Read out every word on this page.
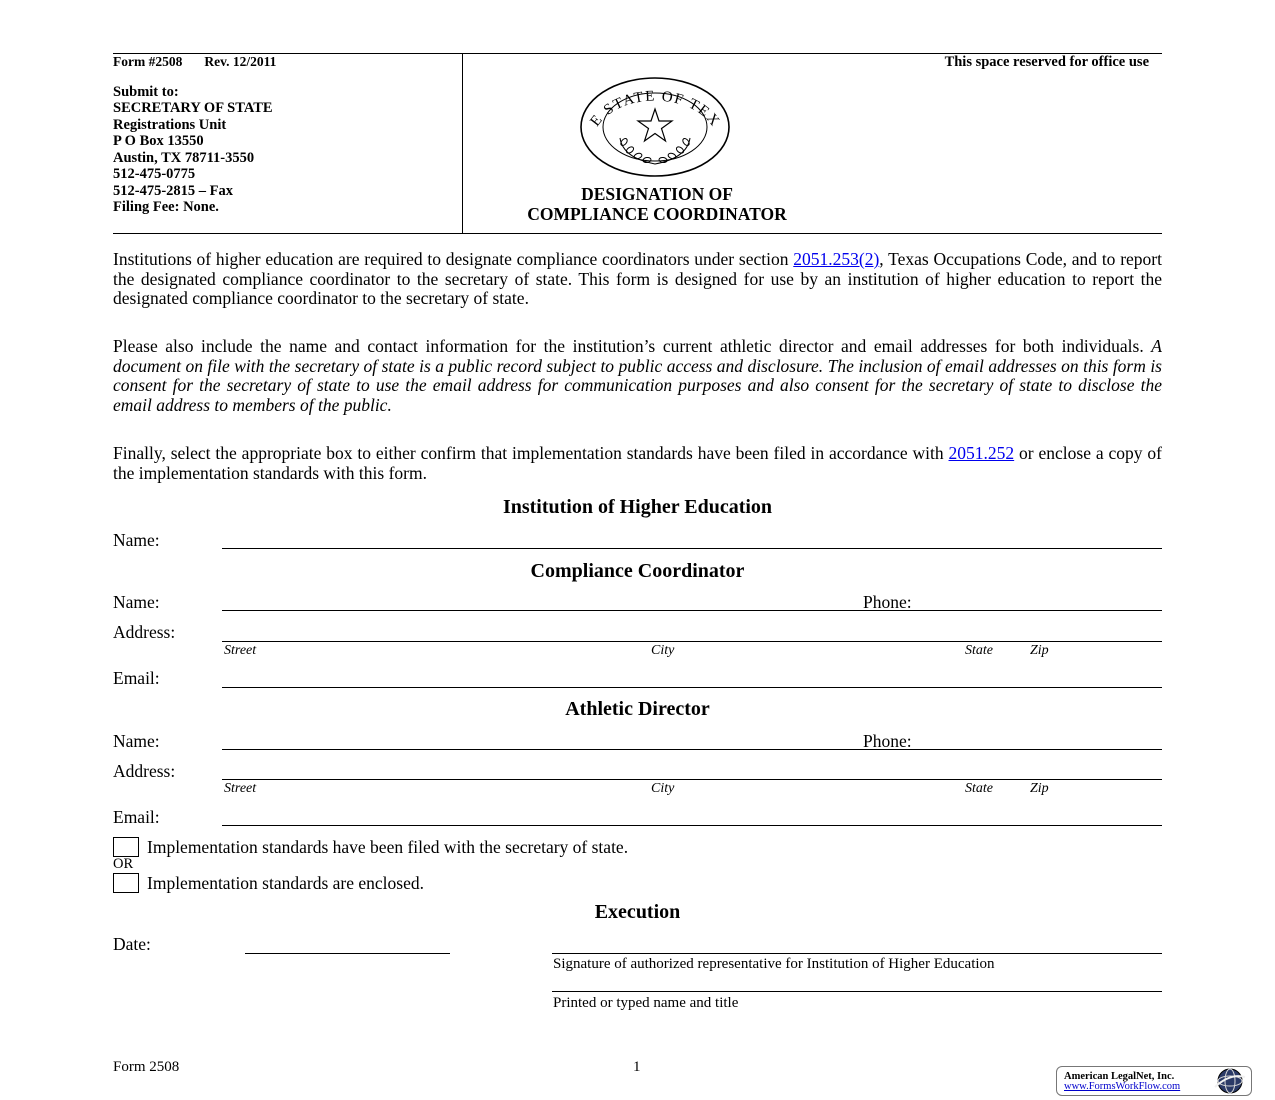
Form #2508 Rev. 12/2011
Submit to:
SECRETARY OF STATE
Registrations Unit
P O Box 13550
Austin, TX 78711-3550
512-475-0775
512-475-2815 – Fax
Filing Fee: None.
This space reserved for office use
E STATE OF TEX
DESIGNATION OF
COMPLIANCE COORDINATOR
Institutions of higher education are required to designate compliance coordinators under section 2051.253(2), Texas Occupations Code, and to report the designated compliance coordinator to the secretary of state. This form is designed for use by an institution of higher education to report the designated compliance coordinator to the secretary of state.
Please also include the name and contact information for the institution’s current athletic director and email addresses for both individuals. A document on file with the secretary of state is a public record subject to public access and disclosure. The inclusion of email addresses on this form is consent for the secretary of state to use the email address for communication purposes and also consent for the secretary of state to disclose the email address to members of the public.
Finally, select the appropriate box to either confirm that implementation standards have been filed in accordance with 2051.252 or enclose a copy of the implementation standards with this form.
Institution of Higher Education
Name:
Compliance Coordinator
Name:	Phone:
Address:
Street	City	State	Zip
Email:
Athletic Director
Name:	Phone:
Address:
Street	City	State	Zip
Email:
Implementation standards have been filed with the secretary of state.
OR
Implementation standards are enclosed.
Execution
Date:
Signature of authorized representative for Institution of Higher Education
Printed or typed name and title
Form 2508	1
American LegalNet, Inc.
www.FormsWorkFlow.com
